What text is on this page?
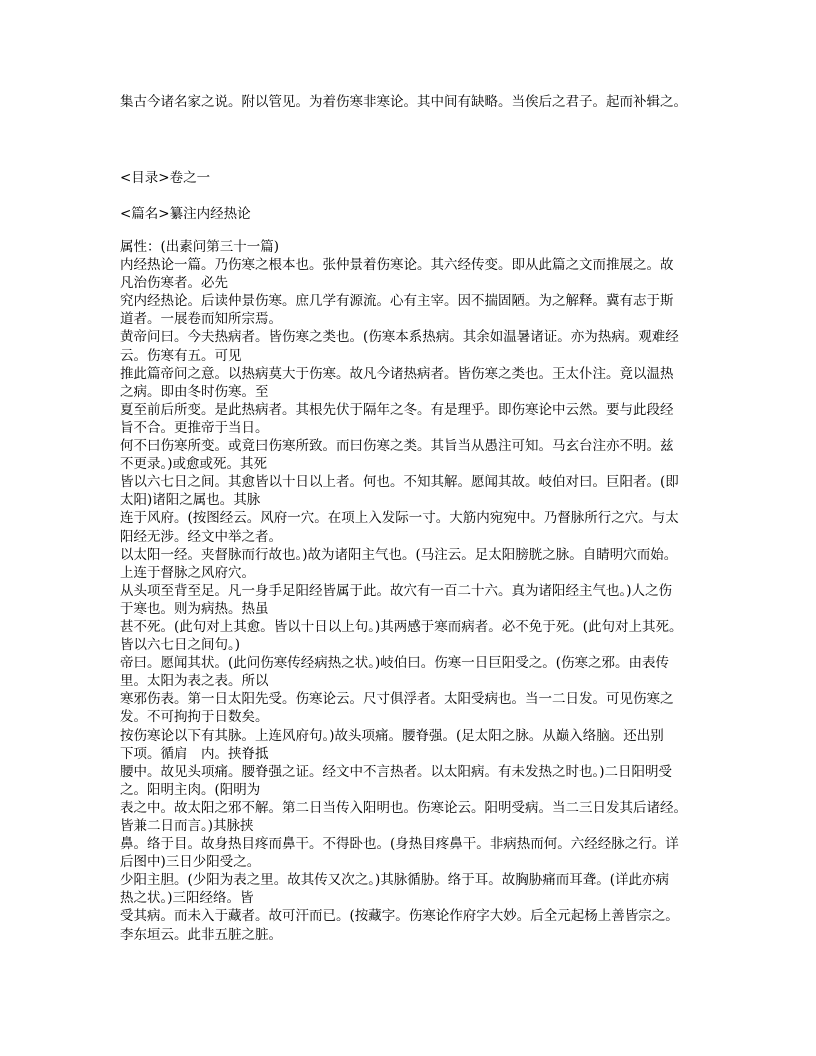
集古今诸名家之说。附以管见。为着伤寒非寒论。其中间有缺略。当俟后之君子。起而补辑之。

<目录>卷之一

<篇名>纂注内经热论

属性：(出素问第三十一篇)

内经热论一篇。乃伤寒之根本也。张仲景着伤寒论。其六经传变。即从此篇之文而推展之。故

凡治伤寒者。必先

究内经热论。后读仲景伤寒。庶几学有源流。心有主宰。因不揣固陋。为之解释。冀有志于斯

道者。一展卷而知所宗焉。

黄帝问曰。今夫热病者。皆伤寒之类也。(伤寒本系热病。其余如温暑诸证。亦为热病。观难经

云。伤寒有五。可见

推此篇帝问之意。以热病莫大于伤寒。故凡今诸热病者。皆伤寒之类也。王太仆注。竟以温热

之病。即由冬时伤寒。至

夏至前后所变。是此热病者。其根先伏于隔年之冬。有是理乎。即伤寒论中云然。要与此段经

旨不合。更推帝于当日。

何不曰伤寒所变。或竟曰伤寒所致。而曰伤寒之类。其旨当从愚注可知。马玄台注亦不明。兹

不更录。)或愈或死。其死

皆以六七日之间。其愈皆以十日以上者。何也。不知其解。愿闻其故。岐伯对曰。巨阳者。(即

太阳)诸阳之属也。其脉

连于风府。(按图经云。风府一穴。在项上入发际一寸。大筋内宛宛中。乃督脉所行之穴。与太

阳经无涉。经文中举之者。

以太阳一经。夹督脉而行故也。)故为诸阳主气也。(马注云。足太阳膀胱之脉。自睛明穴而始。

上连于督脉之风府穴。

从头项至背至足。凡一身手足阳经皆属于此。故穴有一百二十六。真为诸阳经主气也。)人之伤

于寒也。则为病热。热虽

甚不死。(此句对上其愈。皆以十日以上句。)其两感于寒而病者。必不免于死。(此句对上其死。

皆以六七日之间句。)

帝曰。愿闻其状。(此问伤寒传经病热之状。)岐伯曰。伤寒一日巨阳受之。(伤寒之邪。由表传

里。太阳为表之表。所以

寒邪伤表。第一日太阳先受。伤寒论云。尺寸俱浮者。太阳受病也。当一二日发。可见伤寒之

发。不可拘拘于日数矣。

按伤寒论以下有其脉。上连风府句。)故头项痛。腰脊强。(足太阳之脉。从巅入络脑。还出别

下项。循肩　内。挟脊抵

腰中。故见头项痛。腰脊强之证。经文中不言热者。以太阳病。有未发热之时也。)二日阳明受

之。阳明主肉。(阳明为

表之中。故太阳之邪不解。第二日当传入阳明也。伤寒论云。阳明受病。当二三日发其后诸经。

皆兼二日而言。)其脉挟

鼻。络于目。故身热目疼而鼻干。不得卧也。(身热目疼鼻干。非病热而何。六经经脉之行。详

后图中)三日少阳受之。

少阳主胆。(少阳为表之里。故其传又次之。)其脉循胁。络于耳。故胸胁痛而耳聋。(详此亦病

热之状。)三阳经络。皆

受其病。而未入于藏者。故可汗而已。(按藏字。伤寒论作府字大妙。后全元起杨上善皆宗之。

李东垣云。此非五脏之脏。
